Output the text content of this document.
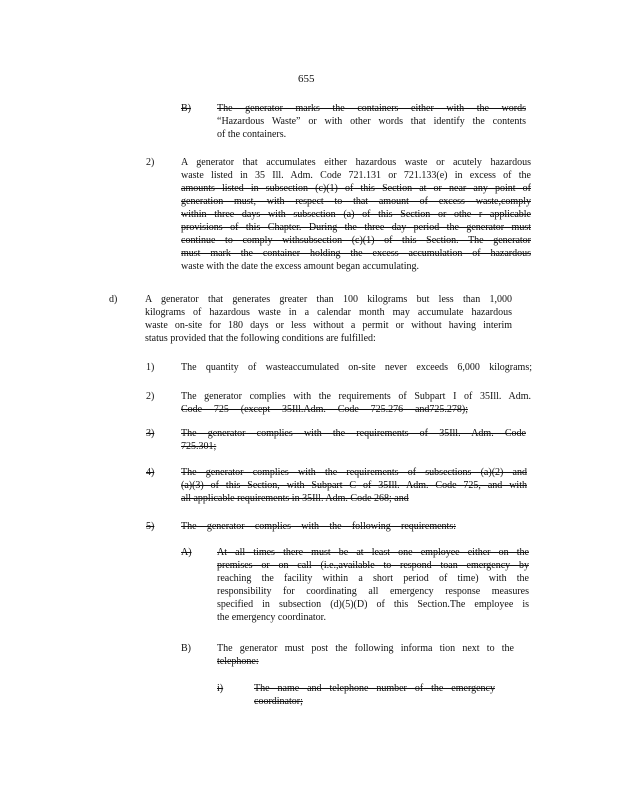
655
B)	The generator marks the containers either with the words
“Hazardous Waste” or with other words that identify the contents
of the containers.
2)	A generator that accumulates either hazardous waste or acutely hazardous
waste listed in 35 Ill. Adm. Code 721.131 or 721.133(e) in excess of the
amounts listed in subsection (c)(1) of this Section at or near any point of
generation must, with respect to that amount of excess waste,comply
within three days with subsection (a) of this Section or othe r applicable
provisions of this Chapter. During the three day period the generator must
continue to comply withsubsection (c)(1) of this Section. The generator
must mark the container holding the excess accumulation of hazardous
waste with the date the excess amount began accumulating.
d)	A generator that generates greater than 100 kilograms but less than 1,000
kilograms of hazardous waste in a calendar month may accumulate hazardous
waste on-site for 180 days or less without a permit or without having interim
status provided that the following conditions are fulfilled:
1)	The quantity of wasteaccumulated on-site never exceeds 6,000 kilograms;
2)	The generator complies with the requirements of Subpart I of 35Ill. Adm.
Code 725 (except 35Ill.Adm. Code 725.276 and725.278);
3)	The generator complies with the requirements of 35Ill. Adm. Code
725.301;
4)	The generator complies with the requirements of subsections (a)(2) and
(a)(3) of this Section, with Subpart C of 35Ill. Adm. Code 725, and with
all applicable requirements in 35Ill. Adm. Code 268; and
5)	The generator complies with the following requirements:
A)	At all times there must be at least one employee either on the
premises or on call (i.e.,available to respond toan emergency by
reaching the facility within a short period of time) with the
responsibility for coordinating all emergency response measures
specified in subsection (d)(5)(D) of this Section.The employee is
the emergency coordinator.
B)	The generator must post the following informa tion next to the
telephone:
i)	The name and telephone number of the emergency
coordinator;
